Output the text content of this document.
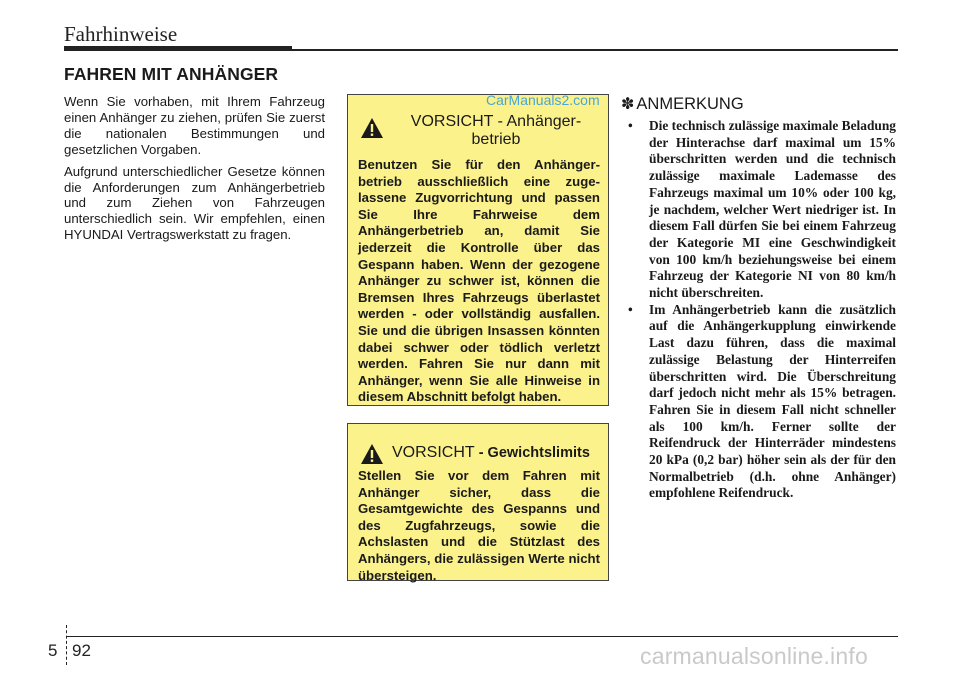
Fahrhinweise
FAHREN MIT ANHÄNGER

Wenn Sie vorhaben, mit Ihrem Fahrzeug einen Anhänger zu ziehen, prüfen Sie zuerst die nationalen Bestimmungen und gesetzlichen Vorgaben.

Aufgrund unterschiedlicher Gesetze können die Anforderungen zum Anhängerbetrieb und zum Ziehen von Fahrzeugen unterschiedlich sein. Wir empfehlen, einen HYUNDAI Vertragswerkstatt zu fragen.

VORSICHT - Anhänger-betrieb
Benutzen Sie für den Anhänger-betrieb ausschließlich eine zuge-lassene Zugvorrichtung und passen Sie Ihre Fahrweise dem Anhängerbetrieb an, damit Sie jederzeit die Kontrolle über das Gespann haben. Wenn der gezogene Anhänger zu schwer ist, können die Bremsen Ihres Fahrzeugs überlastet werden - oder vollständig ausfallen. Sie und die übrigen Insassen könnten dabei schwer oder tödlich verletzt werden. Fahren Sie nur dann mit Anhänger, wenn Sie alle Hinweise in diesem Abschnitt befolgt haben.
CarManuals2.com
VORSICHT - Gewichtslimits
Stellen Sie vor dem Fahren mit Anhänger sicher, dass die Gesamtgewichte des Gespanns und des Zugfahrzeugs, sowie die Achslasten und die Stützlast des Anhängers, die zulässigen Werte nicht übersteigen.
✽ ANMERKUNG
• Die technisch zulässige maximale Beladung der Hinterachse darf maximal um 15% überschritten werden und die technisch zulässige maximale Lademasse des Fahrzeugs maximal um 10% oder 100 kg, je nachdem, welcher Wert niedriger ist. In diesem Fall dürfen Sie bei einem Fahrzeug der Kategorie MI eine Geschwindigkeit von 100 km/h beziehungsweise bei einem Fahrzeug der Kategorie NI von 80 km/h nicht überschreiten.
• Im Anhängerbetrieb kann die zusätzlich auf die Anhängerkupplung einwirkende Last dazu führen, dass die maximal zulässige Belastung der Hinterreifen überschritten wird. Die Überschreitung darf jedoch nicht mehr als 15% betragen. Fahren Sie in diesem Fall nicht schneller als 100 km/h. Ferner sollte der Reifendruck der Hinterräder mindestens 20 kPa (0,2 bar) höher sein als der für den Normalbetrieb (d.h. ohne Anhänger) empfohlene Reifendruck.
5 92	carmanualsonline.info
